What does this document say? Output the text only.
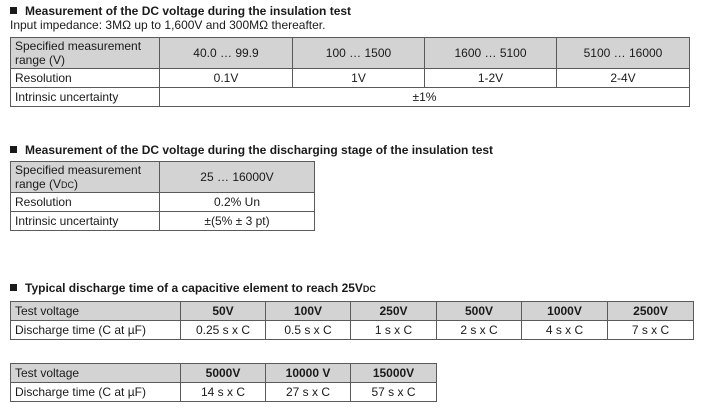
Measurement of the DC voltage during the insulation test
Input impedance: 3MΩ up to 1,600V and 300MΩ thereafter.
Specified measurement range (V)	40.0 … 99.9	100 … 1500	1600 … 5100	5100 … 16000
Resolution	0.1V	1V	1-2V	2-4V
Intrinsic uncertainty	±1%			
Measurement of the DC voltage during the discharging stage of the insulation test
Specified measurement
range (VDC)	25 … 16000V
Resolution	0.2% Un
Intrinsic uncertainty	±(5% ± 3 pt)
Typical discharge time of a capacitive element to reach 25VDC
Test voltage	50V	100V	250V	500V	1000V	2500V
Discharge time (C at µF)	0.25 s x C	0.5 s x C	1 s x C	2 s x C	4 s x C	7 s x C
Test voltage	5000V	10000 V	15000V
Discharge time (C at µF)	14 s x C	27 s x C	57 s x C
